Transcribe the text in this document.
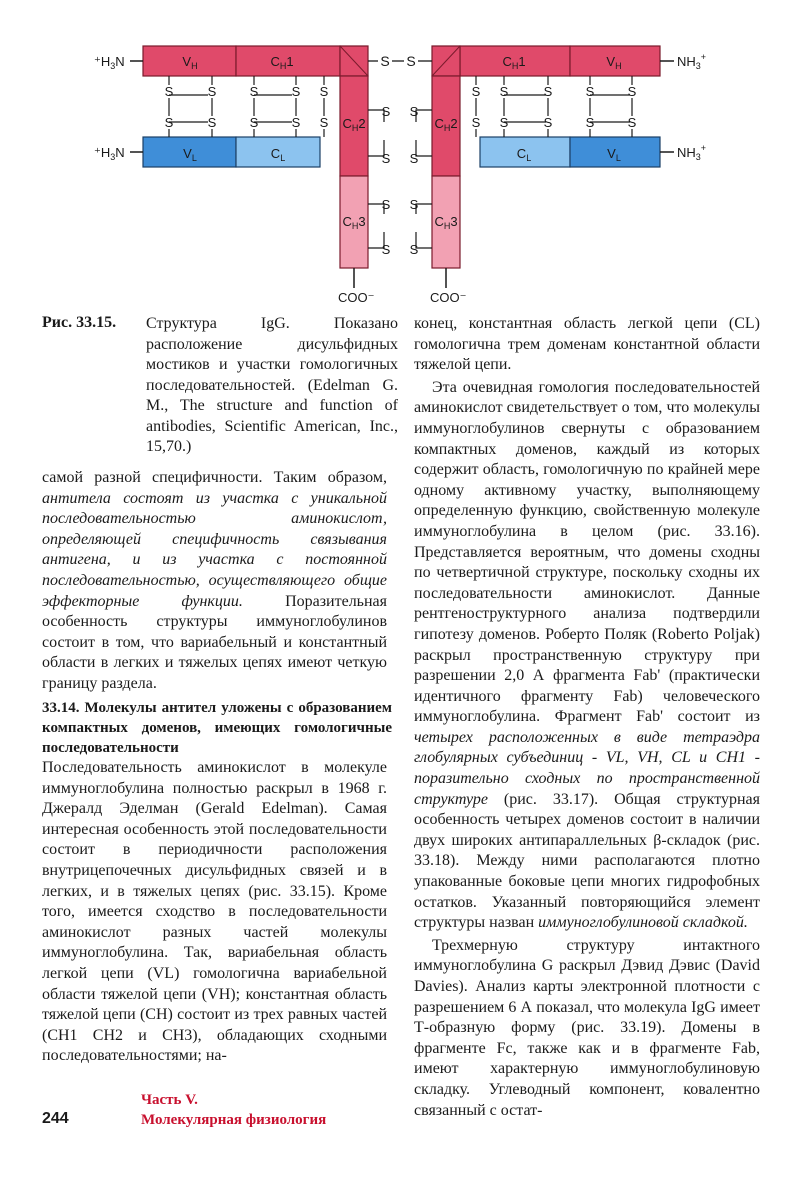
S S
S	S
S	S
S	S
S	S
S
S
S
S
S	S
S	S
S	S
S	S
S
S
S
S
S
S
S
S
$V_H$	$C_H1$
$C_H2$
$C_H3$
$V_L$	$C_L$
$C_H1$	$V_H$
$C_H2$
$C_H3$
$C_L$	$V_L$
$^+H_3N$
$^+H_3N$
$NH_3^+$
$NH_3^+$
COO⁻	COO⁻
Рис. 33.15. Структура IgG. Показано расположение дисульфидных мостиков и участки гомологичных последовательностей. (Edelman G. M., The structure and function of antibodies, Scientific American, Inc., 15,70.)

самой разной специфичности. Таким образом, антитела состоят из участка с уникальной последовательностью аминокислот, определяющей специфичность связывания антигена, и из участка с постоянной последовательностью, осуществляющего общие эффекторные функции. Поразительная особенность структуры иммуноглобулинов состоит в том, что вариабельный и константный области в легких и тяжелых цепях имеют четкую границу раздела.

33.14. Молекулы антител уложены с образованием компактных доменов, имеющих гомологичные последовательности

Последовательность аминокислот в молекуле иммуноглобулина полностью раскрыл в 1968 г. Джералд Эделман (Gerald Edelman). Самая интересная особенность этой последовательности состоит в периодичности расположения внутрицепочечных дисульфидных связей и в легких, и в тяжелых цепях (рис. 33.15). Кроме того, имеется сходство в последовательности аминокислот разных частей молекулы иммуноглобулина. Так, вариабельная область легкой цепи (VL) гомологична вариабельной области тяжелой цепи (VH); константная область тяжелой цепи (CH) состоит из трех равных частей (CH1 CH2 и CH3), обладающих сходными последовательностями; на-

конец, константная область легкой цепи (CL) гомологична трем доменам константной области тяжелой цепи.

Эта очевидная гомология последовательностей аминокислот свидетельствует о том, что молекулы иммуноглобулинов свернуты с образованием компактных доменов, каждый из которых содержит область, гомологичную по крайней мере одному активному участку, выполняющему определенную функцию, свойственную молекуле иммуноглобулина в целом (рис. 33.16). Представляется вероятным, что домены сходны по четвертичной структуре, поскольку сходны их последовательности аминокислот. Данные рентгеноструктурного анализа подтвердили гипотезу доменов. Роберто Поляк (Roberto Poljak) раскрыл пространственную структуру при разрешении 2,0 А фрагмента Fab' (практически идентичного фрагменту Fab) человеческого иммуноглобулина. Фрагмент Fab' состоит из четырех расположенных в виде тетраэдра глобулярных субъединиц - VL, VH, CL и CH1 - поразительно сходных по пространственной структуре (рис. 33.17). Общая структурная особенность четырех доменов состоит в наличии двух широких антипараллельных β-складок (рис. 33.18). Между ними располагаются плотно упакованные боковые цепи многих гидрофобных остатков. Указанный повторяющийся элемент структуры назван иммуноглобулиновой складкой.

Трехмерную структуру интактного иммуноглобулина G раскрыл Дэвид Дэвис (David Davies). Анализ карты электронной плотности с разрешением 6 А показал, что молекула IgG имеет Т-образную форму (рис. 33.19). Домены в фрагменте Fc, также как и в фрагменте Fab, имеют характерную иммуноглобулиновую складку. Углеводный компонент, ковалентно связанный с остат-

Часть V.
Молекулярная физиология
244
